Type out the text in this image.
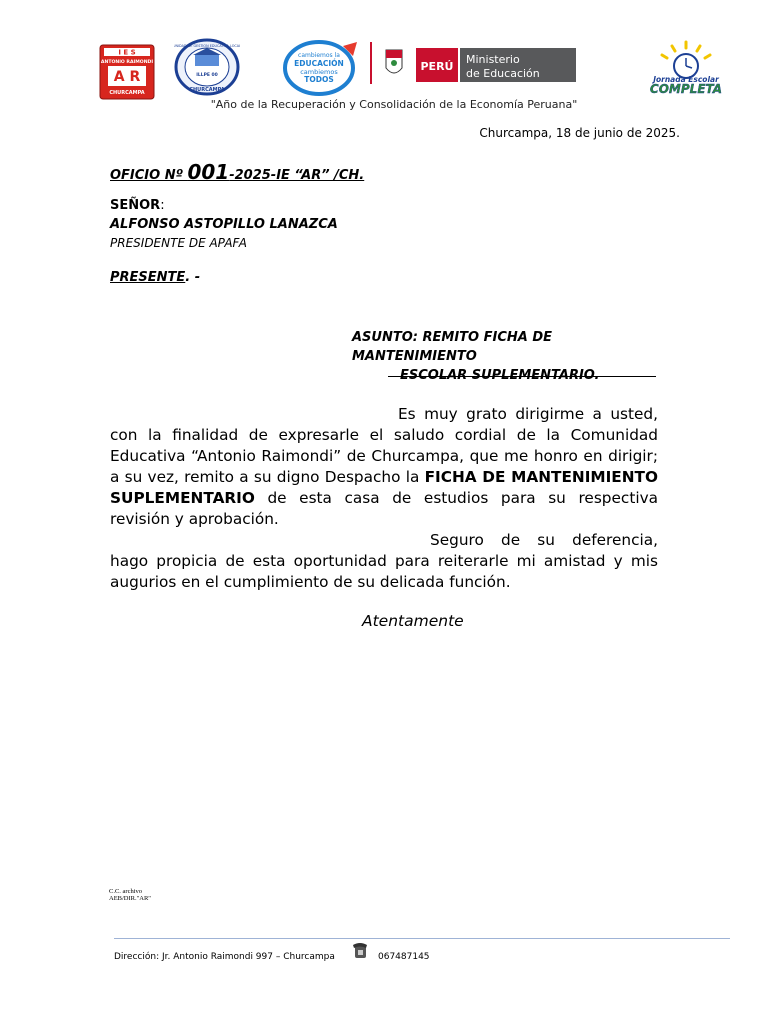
I E S
ANTONIO RAIMONDI
A R
CHURCAMPA
UNIDAD DE GESTION EDUCATIVA LOCAL
ILLPE 00
CHURCAMPA
cambiemos la
EDUCACIÓN
cambiemos
TODOS
PERÚ
Ministerio
de Educación	Jornada Escolar
COMPLETA
"Año de la Recuperación y Consolidación de la Economía Peruana"
Churcampa, 18 de junio de 2025.
OFICIO Nº 001-2025-IE “AR” /CH.
SEÑOR:
ALFONSO ASTOPILLO LANAZCA
PRESIDENTE DE APAFA
PRESENTE. -
ASUNTO: REMITO FICHA DE MANTENIMIENTO
ESCOLAR SUPLEMENTARIO.

Es muy grato dirigirme a usted, con la finalidad de expresarle el saludo cordial de la Comunidad Educativa “Antonio Raimondi” de Churcampa, que me honro en dirigir; a su vez, remito a su digno Despacho la FICHA DE MANTENIMIENTO SUPLEMENTARIO de esta casa de estudios para su respectiva revisión y aprobación.

Seguro de su deferencia, hago propicia de esta oportunidad para reiterarle mi amistad y mis augurios en el cumplimiento de su delicada función.

Atentamente
C.C. archivo
AEB/DIR."AR"
Dirección: Jr. Antonio Raimondi 997 – Churcampa	067487145
